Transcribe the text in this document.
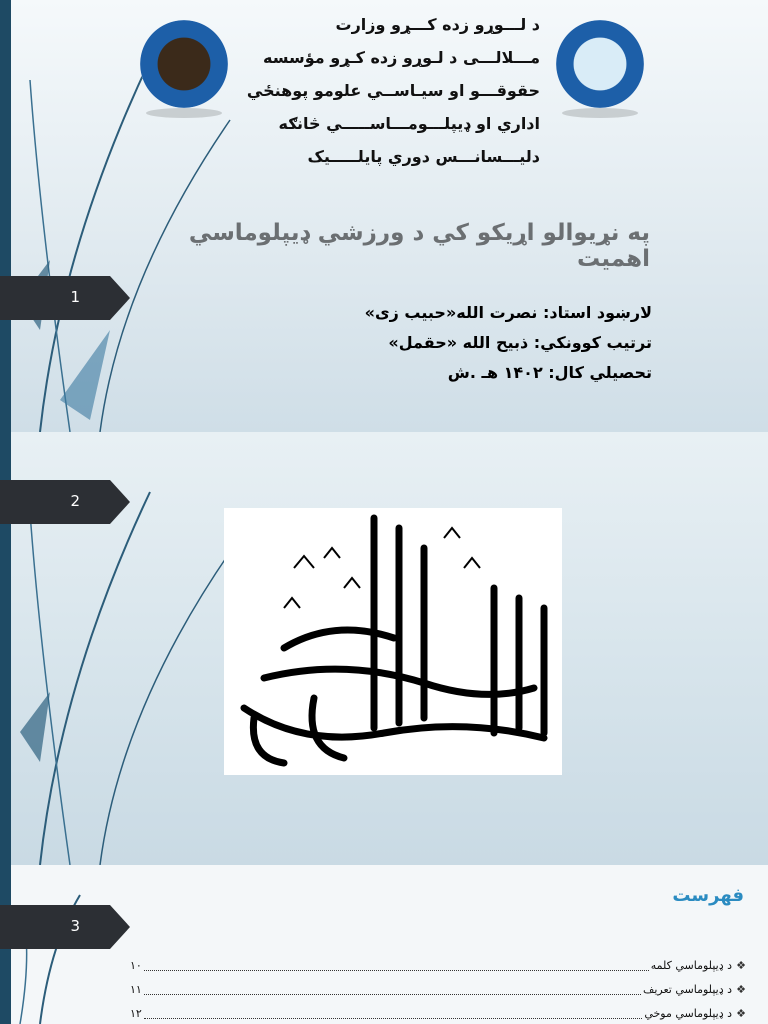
1
د لـــوړو زده کـــړو وزارت
مـــلالـــی د لـوړو زده کـړو مؤسسه
حقوقـــو او سیـاســي علومو پوهنځي
اداري او ډيپلـــومـــاســـــي څانګه
دلیـــسانـــس دوري پايلـــــيک
په نړیوالو اړیکو کي د ورزشي ډيپلوماسي اهميت
لارښود استاد: نصرت الله«حبيب زی»
ترتيب کوونکي: ذبيح الله «حقمل»
تحصيلي کال: ۱۴۰۲ هـ .ش
2
3
فهرست
❖
د ډيپلوماسي کلمه
۱۰
❖
د ډيپلوماسي تعريف
۱۱
❖
د ډيپلوماسي موخي
۱۲
